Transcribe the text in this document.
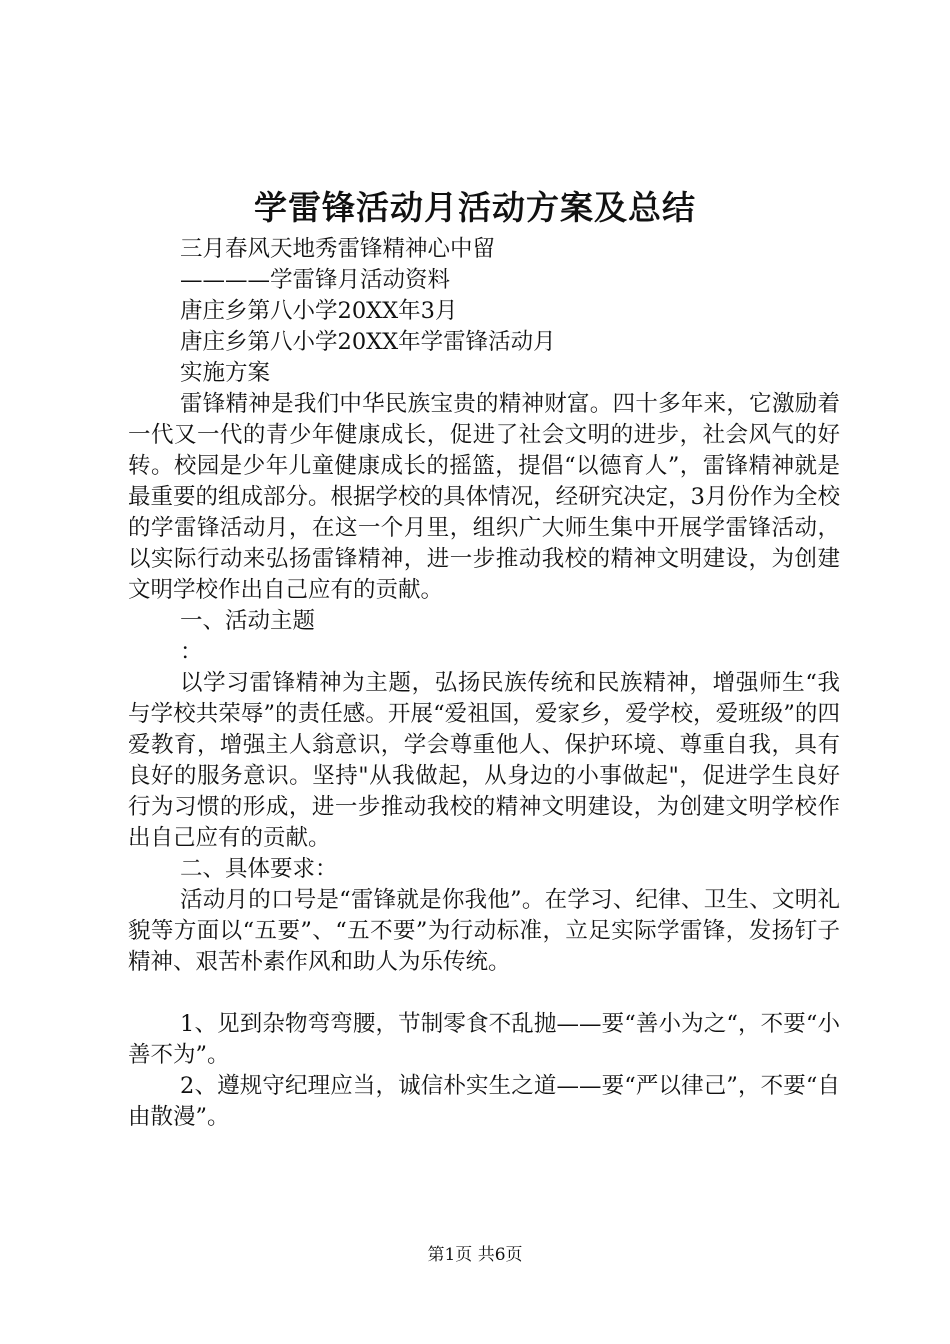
学雷锋活动月活动方案及总结

三月春风天地秀雷锋精神心中留

————学雷锋月活动资料

唐庄乡第八小学20XX年3月

唐庄乡第八小学20XX年学雷锋活动月

实施方案

雷锋精神是我们中华民族宝贵的精神财富。四十多年来，它激励着一代又一代的青少年健康成长，促进了社会文明的进步，社会风气的好转。校园是少年儿童健康成长的摇篮，提倡“以德育人”，雷锋精神就是最重要的组成部分。根据学校的具体情况，经研究决定，3月份作为全校的学雷锋活动月，在这一个月里，组织广大师生集中开展学雷锋活动，以实际行动来弘扬雷锋精神，进一步推动我校的精神文明建设，为创建文明学校作出自己应有的贡献。

一、活动主题

：

以学习雷锋精神为主题，弘扬民族传统和民族精神，增强师生“我与学校共荣辱”的责任感。开展“爱祖国，爱家乡，爱学校，爱班级”的四爱教育，增强主人翁意识，学会尊重他人、保护环境、尊重自我，具有良好的服务意识。坚持"从我做起，从身边的小事做起"，促进学生良好行为习惯的形成，进一步推动我校的精神文明建设，为创建文明学校作出自己应有的贡献。

二、具体要求：

活动月的口号是“雷锋就是你我他”。在学习、纪律、卫生、文明礼貌等方面以“五要”、“五不要”为行动标准，立足实际学雷锋，发扬钉子精神、艰苦朴素作风和助人为乐传统。

1、见到杂物弯弯腰，节制零食不乱抛——要“善小为之“，不要“小善不为”。

2、遵规守纪理应当，诚信朴实生之道——要“严以律己”，不要“自由散漫”。

第1页 共6页
